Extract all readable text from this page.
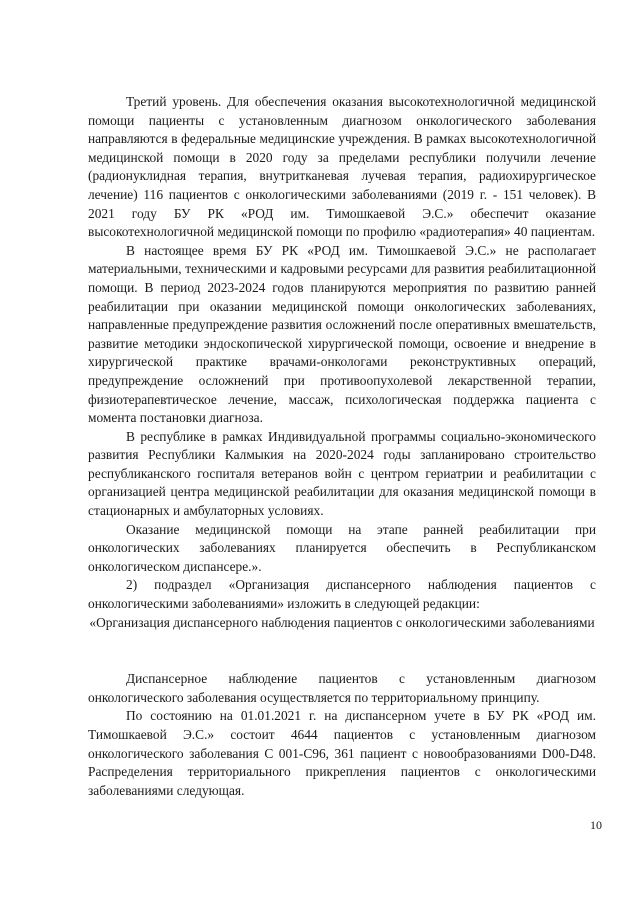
Третий уровень. Для обеспечения оказания высокотехнологичной медицинской помощи пациенты с установленным диагнозом онкологического заболевания направляются в федеральные медицинские учреждения. В рамках высокотехнологичной медицинской помощи в 2020 году за пределами республики получили лечение (радионуклидная терапия, внутритканевая лучевая терапия, радиохирургическое лечение) 116 пациентов с онкологическими заболеваниями (2019 г. - 151 человек). В 2021 году БУ РК «РОД им. Тимошкаевой Э.С.» обеспечит оказание высокотехнологичной медицинской помощи по профилю «радиотерапия» 40 пациентам.

В настоящее время БУ РК «РОД им. Тимошкаевой Э.С.» не располагает материальными, техническими и кадровыми ресурсами для развития реабилитационной помощи. В период 2023-2024 годов планируются мероприятия по развитию ранней реабилитации при оказании медицинской помощи онкологических заболеваниях, направленные предупреждение развития осложнений после оперативных вмешательств, развитие методики эндоскопической хирургической помощи, освоение и внедрение в хирургической практике врачами-онкологами реконструктивных операций, предупреждение осложнений при противоопухолевой лекарственной терапии, физиотерапевтическое лечение, массаж, психологическая поддержка пациента с момента постановки диагноза.

В республике в рамках Индивидуальной программы социально-экономического развития Республики Калмыкия на 2020-2024 годы запланировано строительство республиканского госпиталя ветеранов войн с центром гериатрии и реабилитации с организацией центра медицинской реабилитации для оказания медицинской помощи в стационарных и амбулаторных условиях.

Оказание медицинской помощи на этапе ранней реабилитации при онкологических заболеваниях планируется обеспечить в Республиканском онкологическом диспансере.».

2) подраздел «Организация диспансерного наблюдения пациентов с онкологическими заболеваниями» изложить в следующей редакции:

«Организация диспансерного наблюдения пациентов с онкологическими заболеваниями

Диспансерное наблюдение пациентов с установленным диагнозом онкологического заболевания осуществляется по территориальному принципу.

По состоянию на 01.01.2021 г. на диспансерном учете в БУ РК «РОД им. Тимошкаевой Э.С.» состоит 4644 пациентов с установленным диагнозом онкологического заболевания С 001-С96, 361 пациент с новообразованиями D00-D48. Распределения территориального прикрепления пациентов с онкологическими заболеваниями следующая.

10
